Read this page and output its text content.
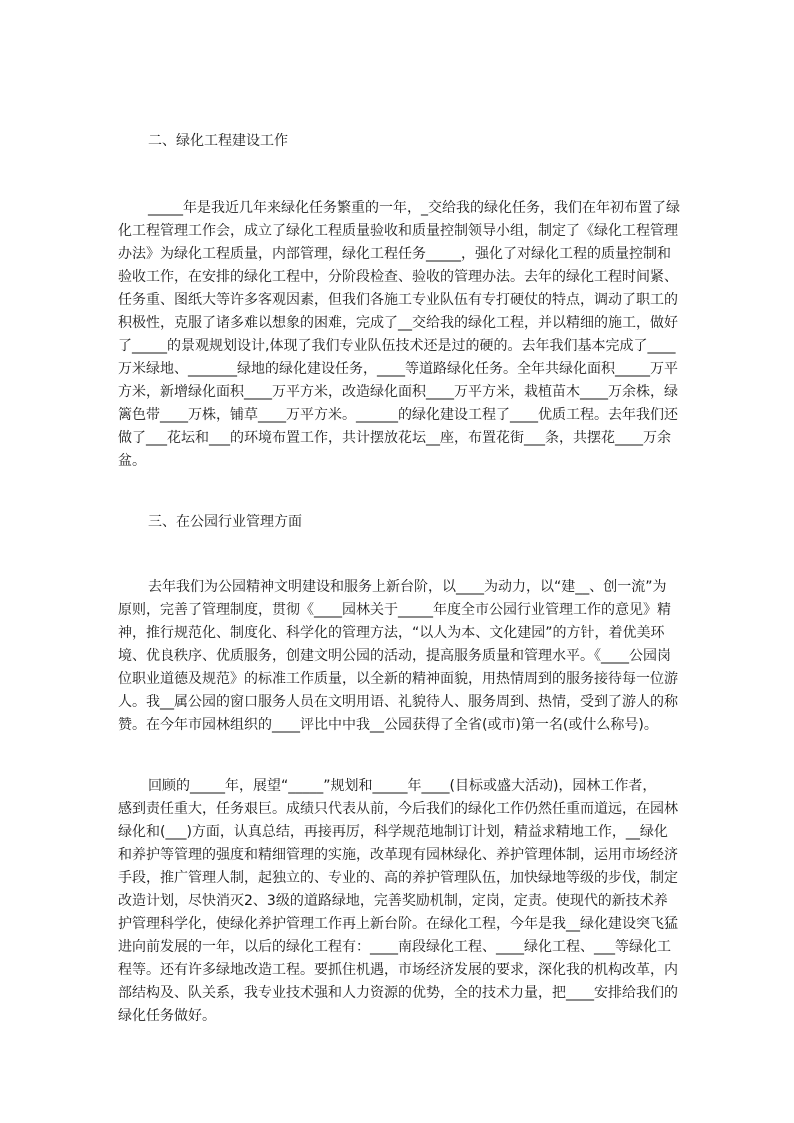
二、绿化工程建设工作
_____年是我近几年来绿化任务繁重的一年，_交给我的绿化任务，我们在年初布置了绿
化工程管理工作会，成立了绿化工程质量验收和质量控制领导小组，制定了《绿化工程管理
办法》为绿化工程质量，内部管理，绿化工程任务_____，强化了对绿化工程的质量控制和
验收工作，在安排的绿化工程中，分阶段检查、验收的管理办法。去年的绿化工程时间紧、
任务重、图纸大等许多客观因素，但我们各施工专业队伍有专打硬仗的特点，调动了职工的
积极性，克服了诸多难以想象的困难，完成了__交给我的绿化工程，并以精细的施工，做好
了_____的景观规划设计,体现了我们专业队伍技术还是过的硬的。去年我们基本完成了____
万米绿地、_______绿地的绿化建设任务，____等道路绿化任务。全年共绿化面积_____万平
方米，新增绿化面积____万平方米，改造绿化面积____万平方米，栽植苗木____万余株，绿
篱色带____万株，铺草____万平方米。______的绿化建设工程了____优质工程。去年我们还
做了___花坛和___的环境布置工作，共计摆放花坛__座，布置花街___条，共摆花____万余
盆。
三、在公园行业管理方面
去年我们为公园精神文明建设和服务上新台阶，以____为动力，以“建__、创一流”为
原则，完善了管理制度，贯彻《____园林关于_____年度全市公园行业管理工作的意见》精
神，推行规范化、制度化、科学化的管理方法，“以人为本、文化建园”的方针，着优美环
境、优良秩序、优质服务，创建文明公园的活动，提高服务质量和管理水平。《____公园岗
位职业道德及规范》的标准工作质量，以全新的精神面貌，用热情周到的服务接待每一位游
人。我__属公园的窗口服务人员在文明用语、礼貌待人、服务周到、热情，受到了游人的称
赞。在今年市园林组织的____评比中中我__公园获得了全省(或市)第一名(或什么称号)。
回顾的_____年，展望“_____”规划和_____年____(目标或盛大活动)，园林工作者，
感到责任重大，任务艰巨。成绩只代表从前，今后我们的绿化工作仍然任重而道远，在园林
绿化和(___)方面，认真总结，再接再厉，科学规范地制订计划，精益求精地工作，__绿化
和养护等管理的强度和精细管理的实施，改革现有园林绿化、养护管理体制，运用市场经济
手段，推广管理人制，起独立的、专业的、高的养护管理队伍，加快绿地等级的步伐，制定
改造计划，尽快消灭2、3级的道路绿地，完善奖励机制，定岗，定责。使现代的新技术养
护管理科学化，使绿化养护管理工作再上新台阶。在绿化工程，今年是我__绿化建设突飞猛
进向前发展的一年，以后的绿化工程有：____南段绿化工程、____绿化工程、___等绿化工
程等。还有许多绿地改造工程。要抓住机遇，市场经济发展的要求，深化我的机构改革，内
部结构及、队关系，我专业技术强和人力资源的优势，全的技术力量，把____安排给我们的
绿化任务做好。
